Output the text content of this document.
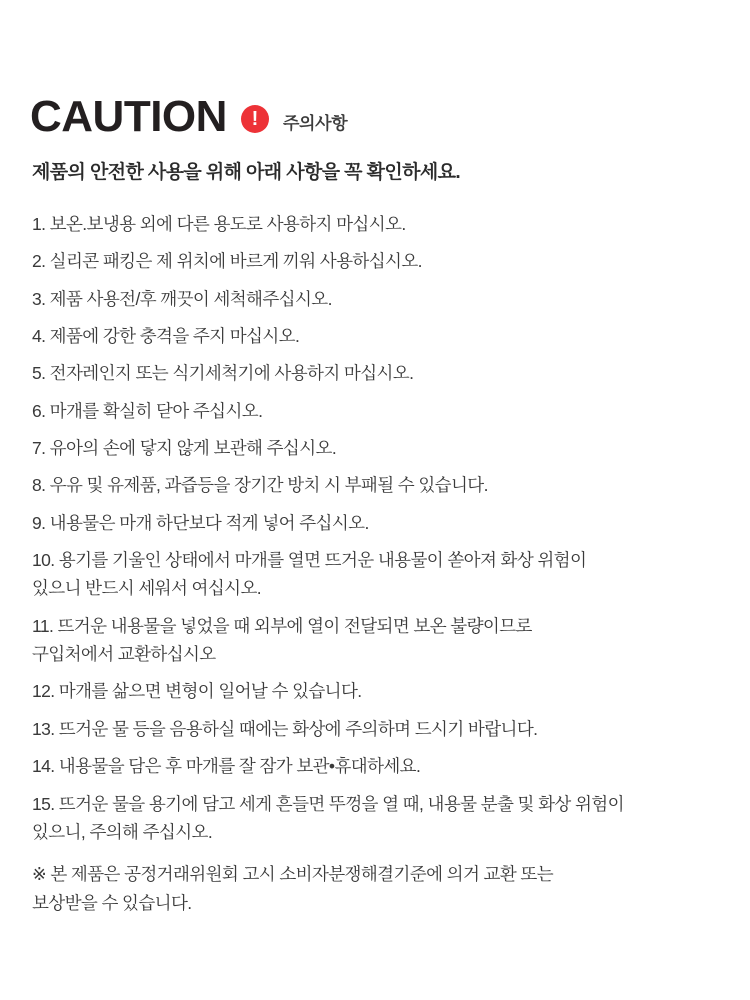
CAUTION	!	주의사항

제품의 안전한 사용을 위해 아래 사항을 꼭 확인하세요.

1. 보온.보냉용 외에 다른 용도로 사용하지 마십시오.
2. 실리콘 패킹은 제 위치에 바르게 끼워 사용하십시오.
3. 제품 사용전/후 깨끗이 세척해주십시오.
4. 제품에 강한 충격을 주지 마십시오.
5. 전자레인지 또는 식기세척기에 사용하지 마십시오.
6. 마개를 확실히 닫아 주십시오.
7. 유아의 손에 닿지 않게 보관해 주십시오.
8. 우유 및 유제품, 과즙등을 장기간 방치 시 부패될 수 있습니다.
9. 내용물은 마개 하단보다 적게 넣어 주십시오.
10. 용기를 기울인 상태에서 마개를 열면 뜨거운 내용물이 쏟아져 화상 위험이
있으니 반드시 세워서 여십시오.
11. 뜨거운 내용물을 넣었을 때 외부에 열이 전달되면 보온 불량이므로
구입처에서 교환하십시오
12. 마개를 삶으면 변형이 일어날 수 있습니다.
13. 뜨거운 물 등을 음용하실 때에는 화상에 주의하며 드시기 바랍니다.
14. 내용물을 담은 후 마개를 잘 잠가 보관•휴대하세요.
15. 뜨거운 물을 용기에 담고 세게 흔들면 뚜껑을 열 때, 내용물 분출 및 화상 위험이
있으니, 주의해 주십시오.

※ 본 제품은 공정거래위원회 고시 소비자분쟁해결기준에 의거 교환 또는
보상받을 수 있습니다.
